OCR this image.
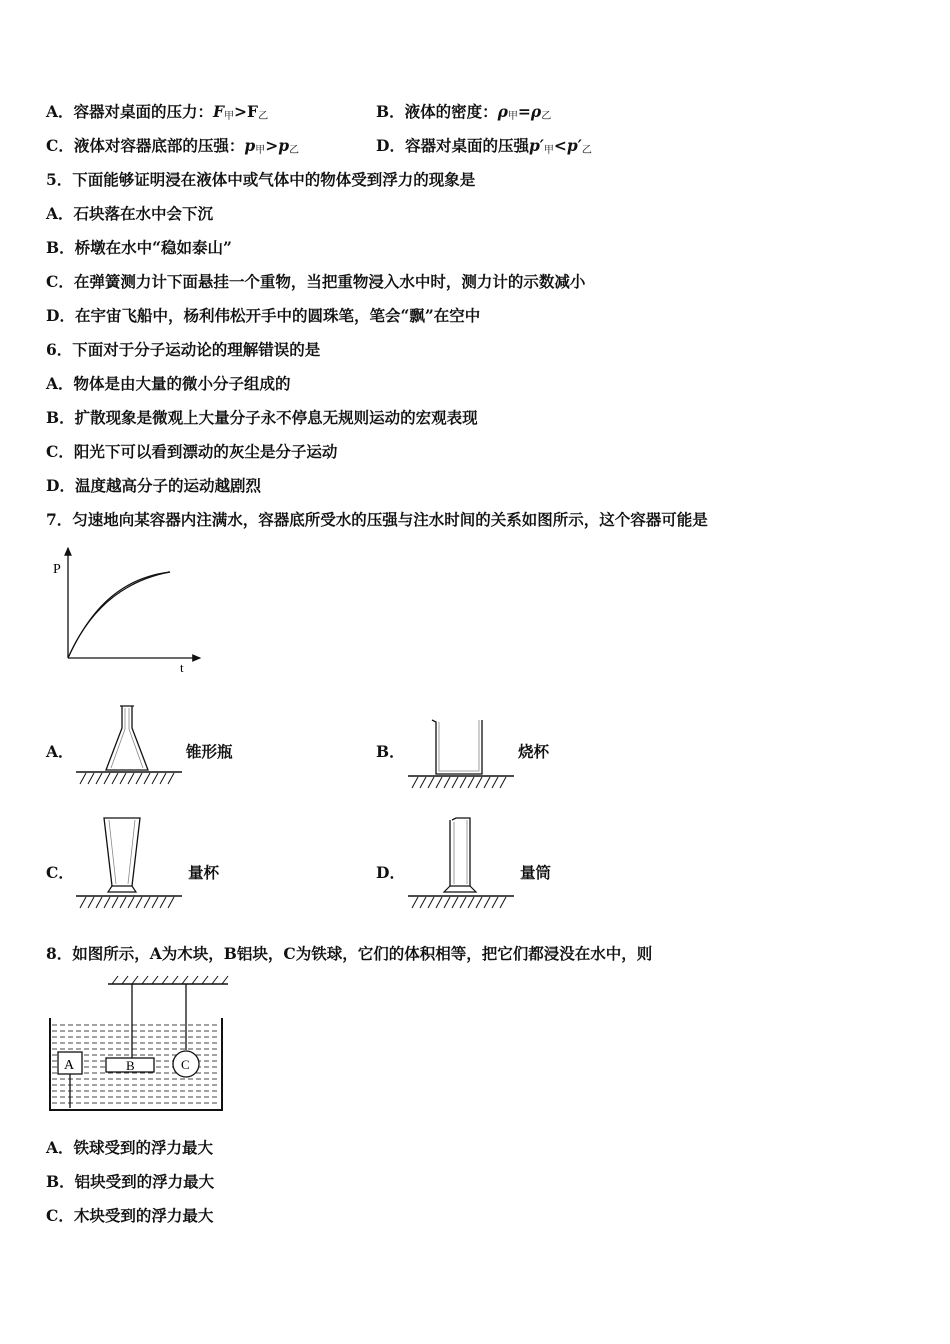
A．容器对桌面的压力：$F_甲>F_乙$	B．液体的密度：$\rho_甲=\rho_乙$
C．液体对容器底部的压强：$p_甲>p_乙$	D．容器对桌面的压强$p'_甲<p'_乙$
5．下面能够证明浸在液体中或气体中的物体受到浮力的现象是
A．石块落在水中会下沉
B．桥墩在水中“稳如泰山”
C．在弹簧测力计下面悬挂一个重物，当把重物浸入水中时，测力计的示数减小
D．在宇宙飞船中，杨利伟松开手中的圆珠笔，笔会“飘”在空中
6．下面对于分子运动论的理解错误的是
A．物体是由大量的微小分子组成的
B．扩散现象是微观上大量分子永不停息无规则运动的宏观表现
C．阳光下可以看到漂动的灰尘是分子运动
D．温度越高分子的运动越剧烈
7．匀速地向某容器内注满水，容器底所受水的压强与注水时间的关系如图所示，这个容器可能是
P
t
A．	锥形瓶	B．	烧杯
C．	量杯	D．	量筒
8．如图所示，A为木块，B铝块，C为铁球，它们的体积相等，把它们都浸没在水中，则
A	B	C
A．铁球受到的浮力最大
B．铝块受到的浮力最大
C．木块受到的浮力最大
